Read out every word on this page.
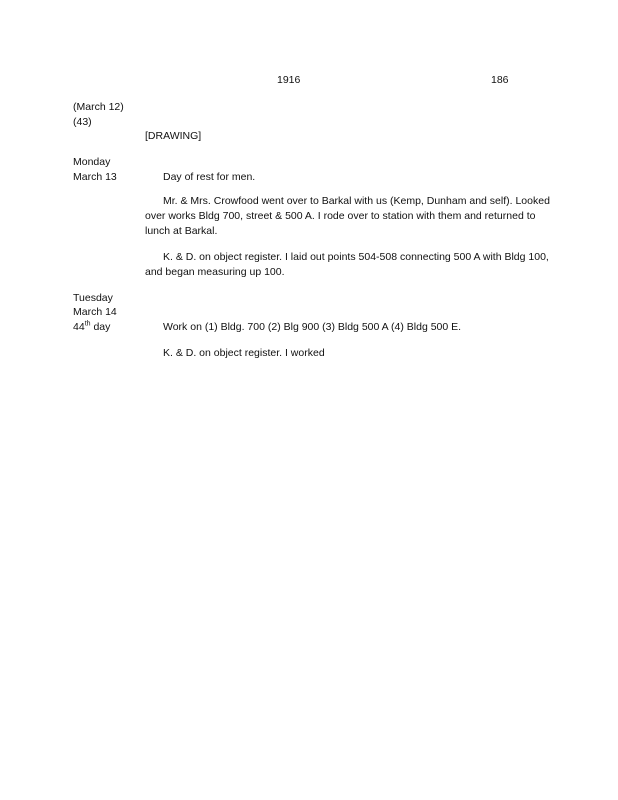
1916	186
(March 12)
(43)
[DRAWING]
Monday
March 13	Day of rest for men.
Mr. & Mrs. Crowfood went over to Barkal with us (Kemp, Dunham and self). Looked over works Bldg 700, street & 500 A. I rode over to station with them and returned to lunch at Barkal.
K. & D. on object register. I laid out points 504-508 connecting 500 A with Bldg 100, and began measuring up 100.
Tuesday
March 14
44th day	Work on (1) Bldg. 700 (2) Blg 900 (3) Bldg 500 A (4) Bldg 500 E.
K. & D. on object register. I worked
